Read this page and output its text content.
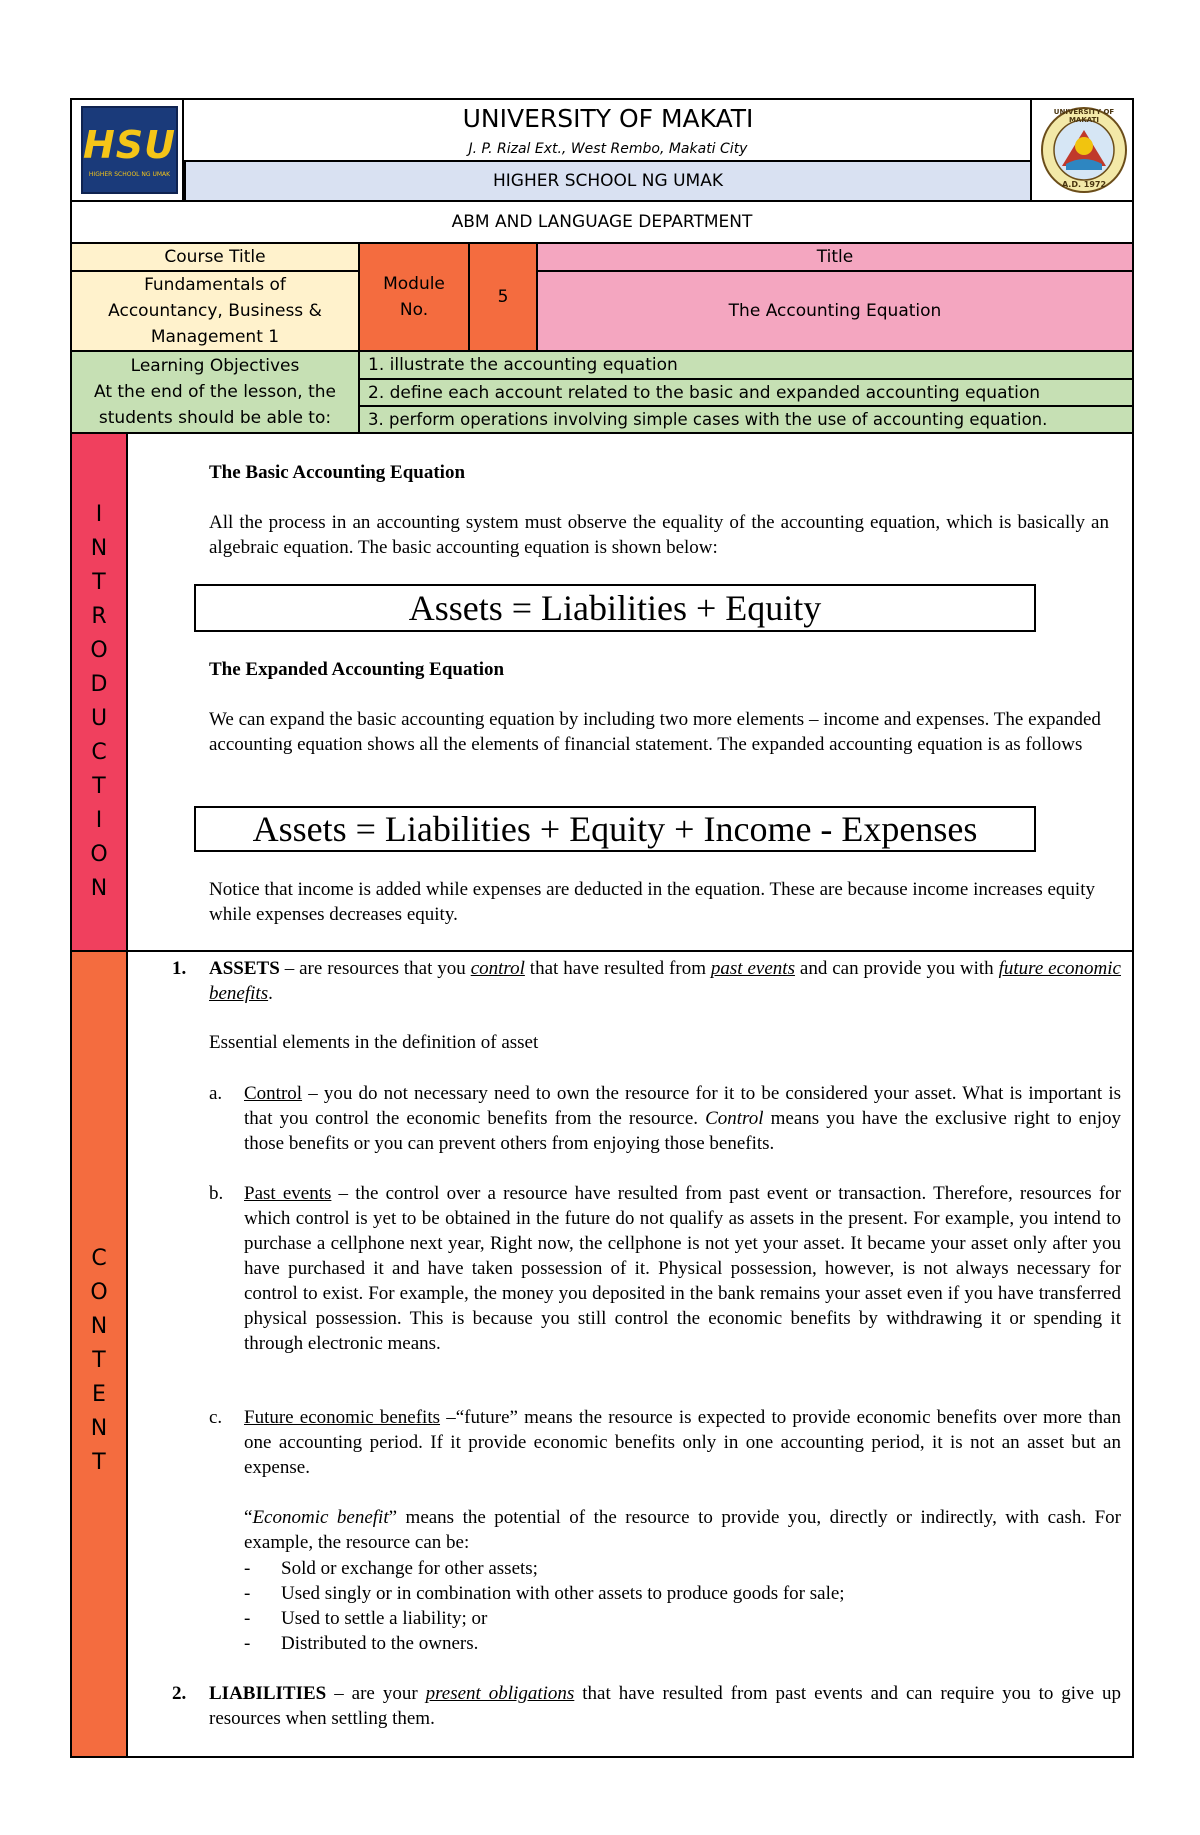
HSU
HIGHER SCHOOL NG UMAK
UNIVERSITY OF MAKATI
J. P. Rizal Ext., West Rembo, Makati City
HIGHER SCHOOL NG UMAK
UNIVERSITY OF MAKATI
A.D. 1972
ABM AND LANGUAGE DEPARTMENT
Course Title
Fundamentals of Accountancy, Business & Management 1
Module No.
5
Title
The Accounting Equation
Learning Objectives
At the end of the lesson, the students should be able to:
1. illustrate the accounting equation
2. define each account related to the basic and expanded accounting equation
3. perform operations involving simple cases with the use of accounting equation.
I
N
T
R
O
D
U
C
T
I
O
N
The Basic Accounting Equation
All the process in an accounting system must observe the equality of the accounting equation, which is basically an algebraic equation. The basic accounting equation is shown below:
Assets = Liabilities + Equity
The Expanded Accounting Equation
We can expand the basic accounting equation by including two more elements – income and expenses. The expanded accounting equation shows all the elements of financial statement. The expanded accounting equation is as follows
Assets = Liabilities + Equity + Income - Expenses
Notice that income is added while expenses are deducted in the equation. These are because income increases equity while expenses decreases equity.
C
O
N
T
E
N
T
1. ASSETS – are resources that you control that have resulted from past events and can provide you with future economic benefits.
Essential elements in the definition of asset
a. Control – you do not necessary need to own the resource for it to be considered your asset. What is important is that you control the economic benefits from the resource. Control means you have the exclusive right to enjoy those benefits or you can prevent others from enjoying those benefits.
b. Past events – the control over a resource have resulted from past event or transaction. Therefore, resources for which control is yet to be obtained in the future do not qualify as assets in the present. For example, you intend to purchase a cellphone next year, Right now, the cellphone is not yet your asset. It became your asset only after you have purchased it and have taken possession of it. Physical possession, however, is not always necessary for control to exist. For example, the money you deposited in the bank remains your asset even if you have transferred physical possession. This is because you still control the economic benefits by withdrawing it or spending it through electronic means.
c. Future economic benefits –“future” means the resource is expected to provide economic benefits over more than one accounting period. If it provide economic benefits only in one accounting period, it is not an asset but an expense.
“Economic benefit” means the potential of the resource to provide you, directly or indirectly, with cash. For example, the resource can be:
- Sold or exchange for other assets;
- Used singly or in combination with other assets to produce goods for sale;
- Used to settle a liability; or
- Distributed to the owners.
2. LIABILITIES – are your present obligations that have resulted from past events and can require you to give up resources when settling them.
